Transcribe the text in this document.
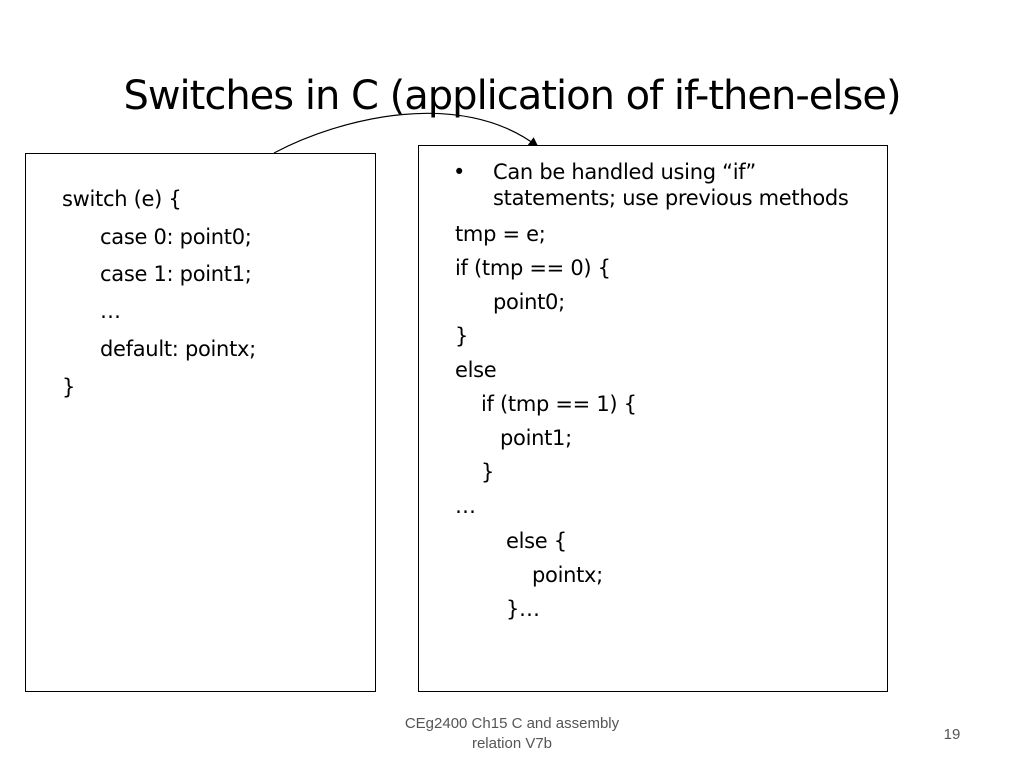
Switches in C (application of if-then-else)
switch (e) {
case 0: point0;
case 1: point1;
…
default: pointx;
}
• Can be handled using “if”
statements; use previous methods
tmp = e;
if (tmp == 0) {
point0;
}
else
if (tmp == 1) {
point1;
}
…
else {
pointx;
}…
CEg2400 Ch15 C and assembly
relation V7b
19
